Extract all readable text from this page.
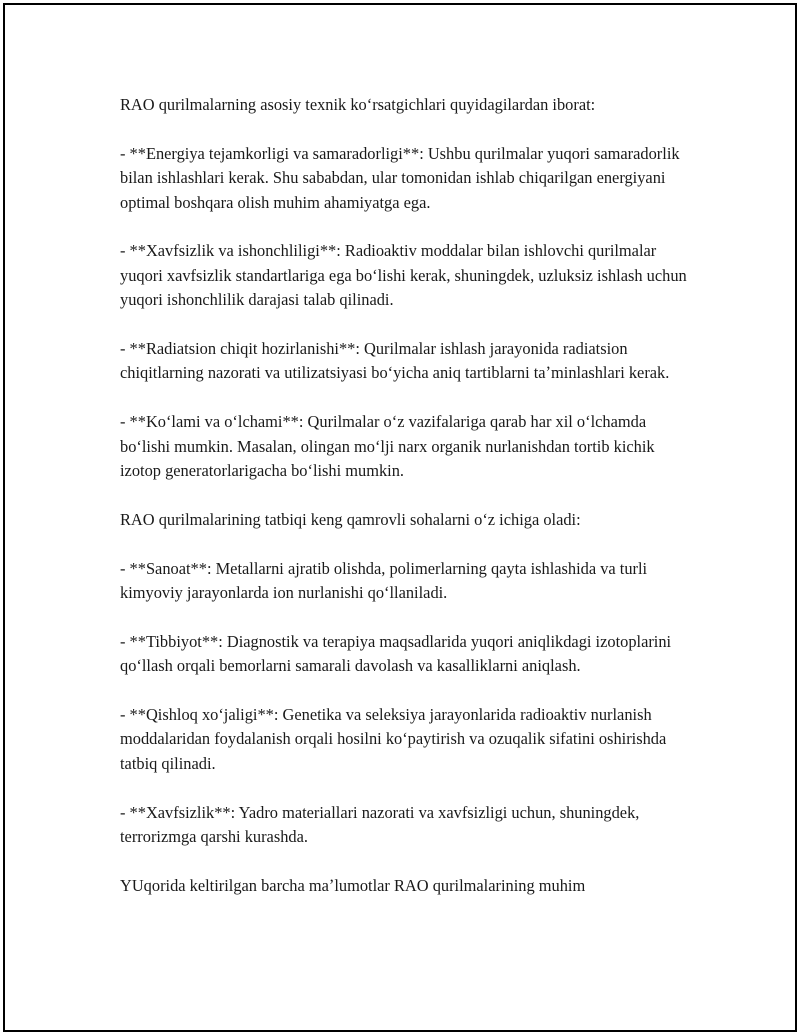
RAO qurilmalarning asosiy texnik koʻrsatgichlari quyidagilardan iborat:

- **Energiya tejamkorligi va samaradorligi**: Ushbu qurilmalar yuqori samaradorlik bilan ishlashlari kerak. Shu sababdan, ular tomonidan ishlab chiqarilgan energiyani optimal boshqara olish muhim ahamiyatga ega.

- **Xavfsizlik va ishonchliligi**: Radioaktiv moddalar bilan ishlovchi qurilmalar yuqori xavfsizlik standartlariga ega boʻlishi kerak, shuningdek, uzluksiz ishlash uchun yuqori ishonchlilik darajasi talab qilinadi.

- **Radiatsion chiqit hozirlanishi**: Qurilmalar ishlash jarayonida radiatsion chiqitlarning nazorati va utilizatsiyasi boʻyicha aniq tartiblarni taʼminlashlari kerak.

- **Koʻlami va oʻlchami**: Qurilmalar oʻz vazifalariga qarab har xil oʻlchamda boʻlishi mumkin. Masalan, olingan moʻlji narx organik nurlanishdan tortib kichik izotop generatorlarigacha boʻlishi mumkin.

RAO qurilmalarining tatbiqi keng qamrovli sohalarni oʻz ichiga oladi:

- **Sanoat**: Metallarni ajratib olishda, polimerlarning qayta ishlashida va turli kimyoviy jarayonlarda ion nurlanishi qoʻllaniladi.

- **Tibbiyot**: Diagnostik va terapiya maqsadlarida yuqori aniqlikdagi izotoplarini qoʻllash orqali bemorlarni samarali davolash va kasalliklarni aniqlash.

- **Qishloq xoʻjaligi**: Genetika va seleksiya jarayonlarida radioaktiv nurlanish moddalaridan foydalanish orqali hosilni koʻpaytirish va ozuqalik sifatini oshirishda tatbiq qilinadi.

- **Xavfsizlik**: Yadro materiallari nazorati va xavfsizligi uchun, shuningdek, terrorizmga qarshi kurashda.

YUqorida keltirilgan barcha maʼlumotlar RAO qurilmalarining muhim
